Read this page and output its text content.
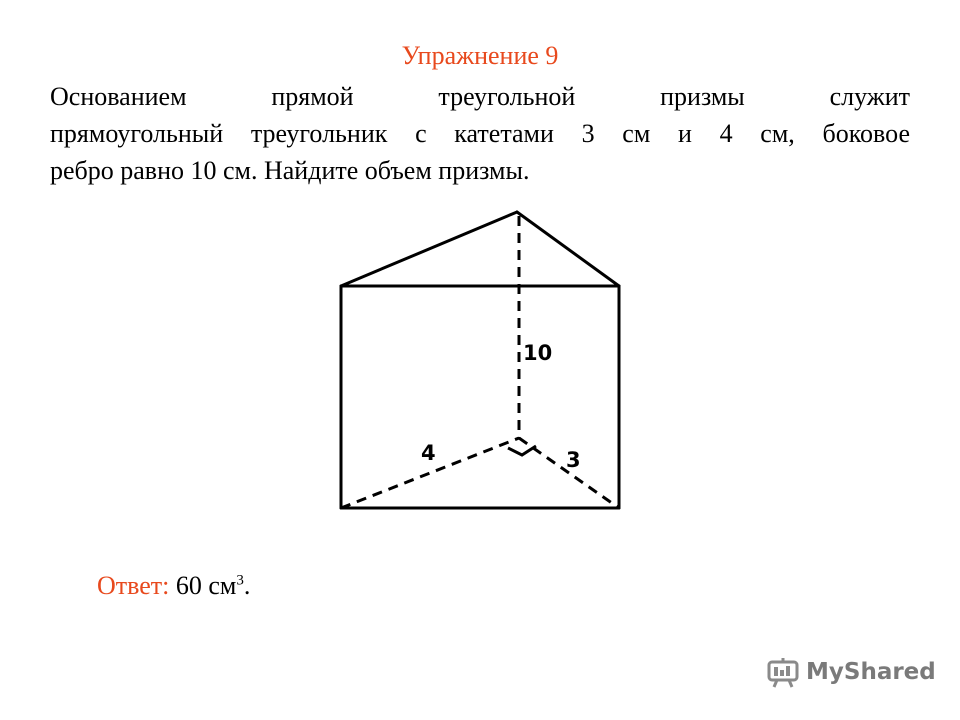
Упражнение 9
Основанием прямой треугольной призмы служит
прямоугольный треугольник с катетами 3 см и 4 см, боковое
ребро равно 10 см. Найдите объем призмы.
10
4	3
Ответ: 60 $см^3$.
MyShared
